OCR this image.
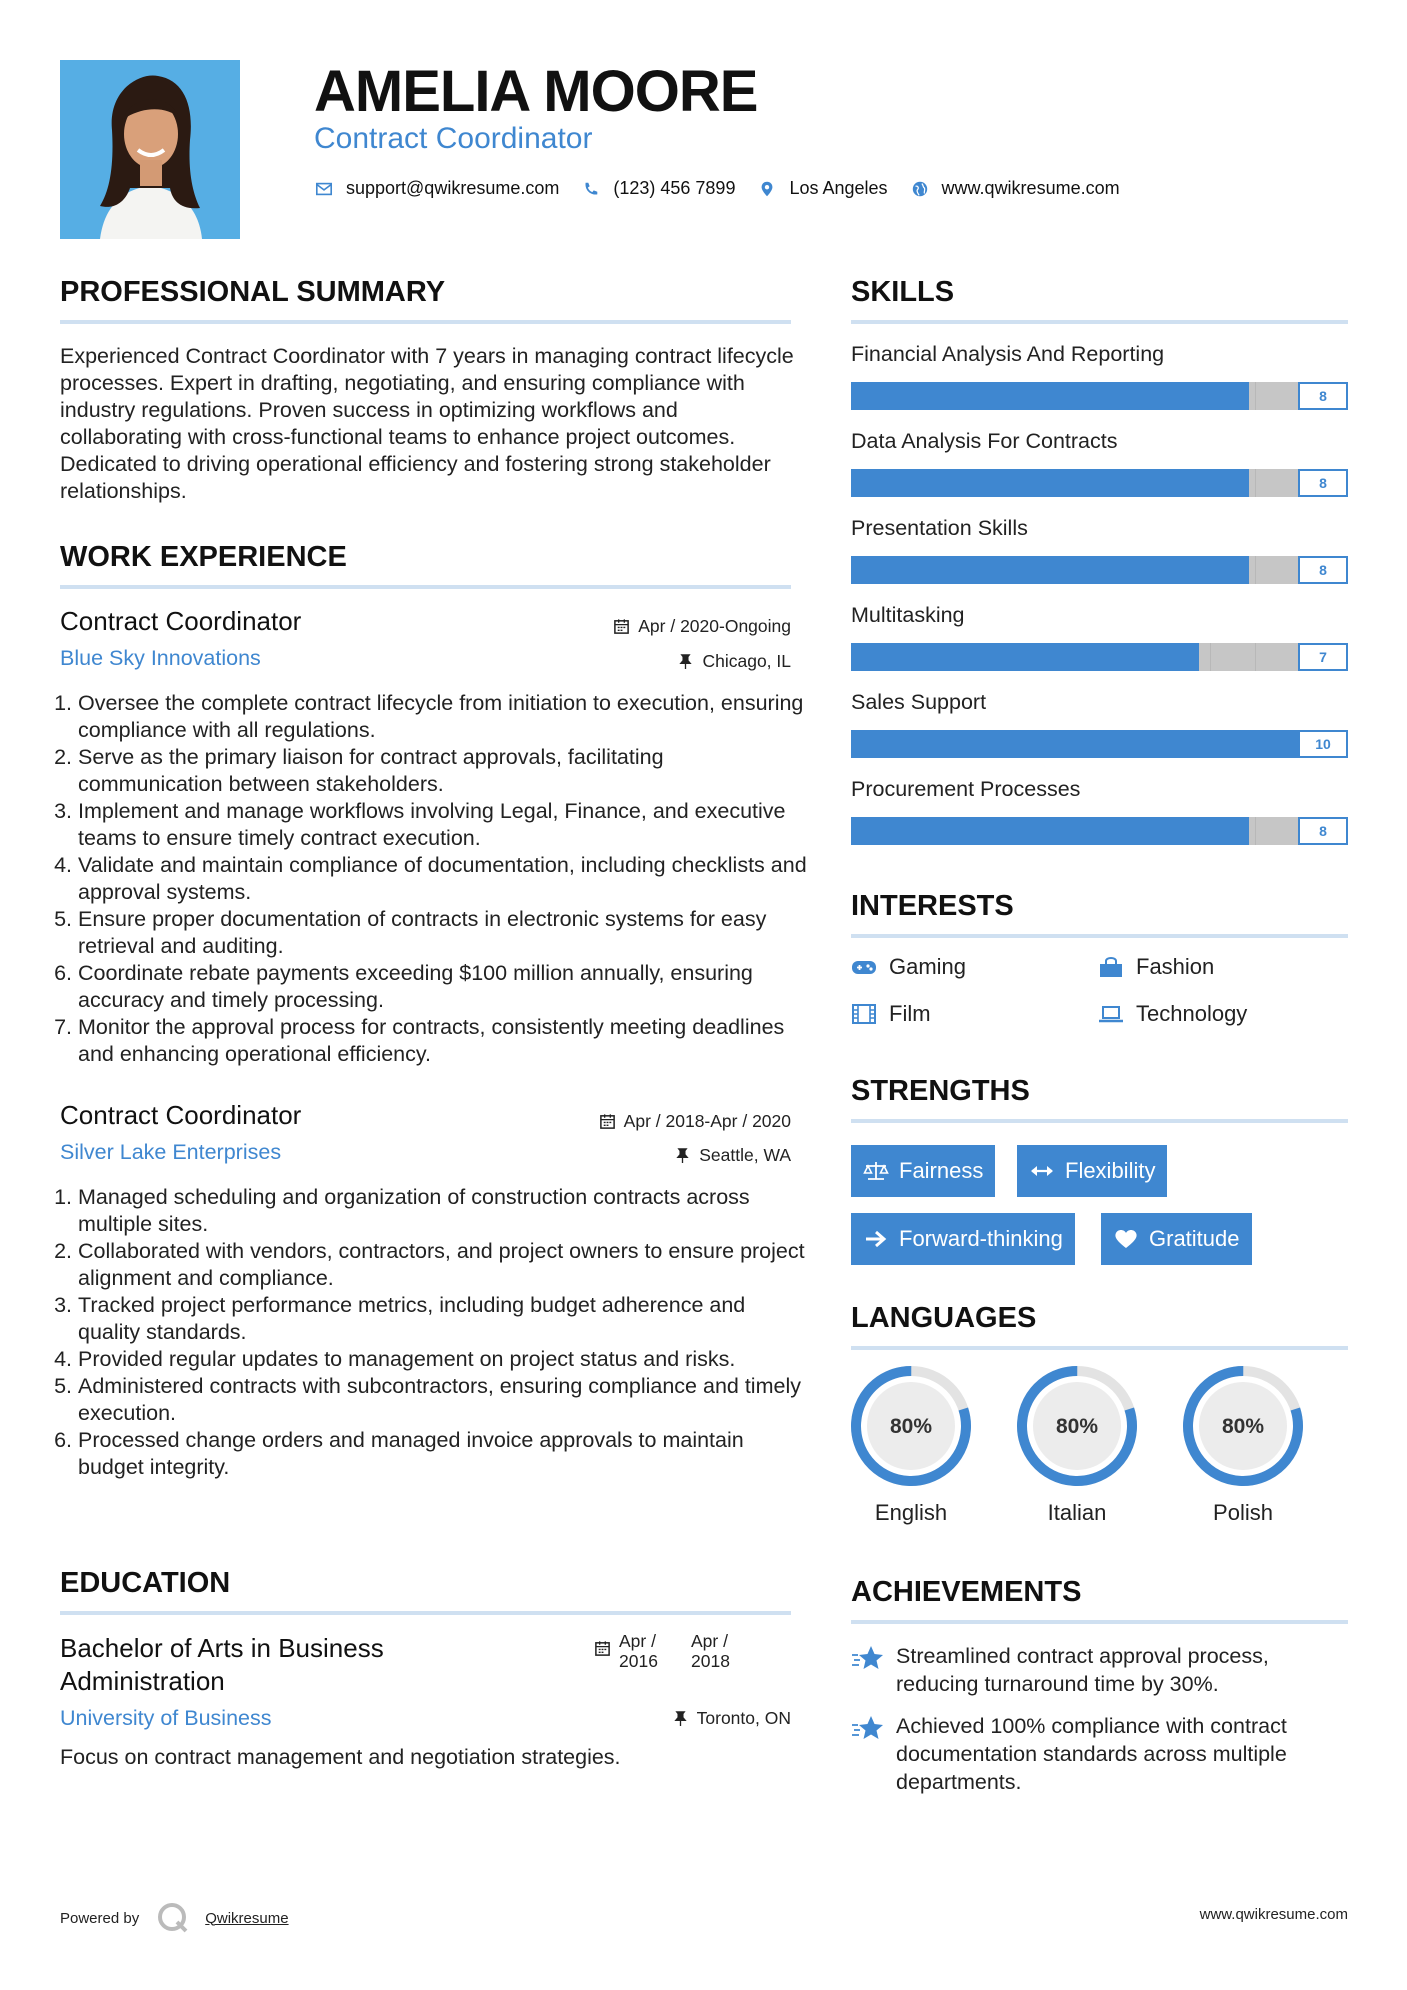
AMELIA MOORE
Contract Coordinator
support@qwikresume.com	(123) 456 7899	Los Angeles	www.qwikresume.com
PROFESSIONAL SUMMARY
Experienced Contract Coordinator with 7 years in managing contract lifecycle processes. Expert in drafting, negotiating, and ensuring compliance with industry regulations. Proven success in optimizing workflows and collaborating with cross-functional teams to enhance project outcomes. Dedicated to driving operational efficiency and fostering strong stakeholder relationships.
WORK EXPERIENCE
Contract Coordinator	Apr / 2020-Ongoing
Blue Sky Innovations	Chicago, IL
1. Oversee the complete contract lifecycle from initiation to execution, ensuring compliance with all regulations.
2. Serve as the primary liaison for contract approvals, facilitating communication between stakeholders.
3. Implement and manage workflows involving Legal, Finance, and executive teams to ensure timely contract execution.
4. Validate and maintain compliance of documentation, including checklists and approval systems.
5. Ensure proper documentation of contracts in electronic systems for easy retrieval and auditing.
6. Coordinate rebate payments exceeding $100 million annually, ensuring accuracy and timely processing.
7. Monitor the approval process for contracts, consistently meeting deadlines and enhancing operational efficiency.
Contract Coordinator	Apr / 2018-Apr / 2020
Silver Lake Enterprises	Seattle, WA
1. Managed scheduling and organization of construction contracts across multiple sites.
2. Collaborated with vendors, contractors, and project owners to ensure project alignment and compliance.
3. Tracked project performance metrics, including budget adherence and quality standards.
4. Provided regular updates to management on project status and risks.
5. Administered contracts with subcontractors, ensuring compliance and timely execution.
6. Processed change orders and managed invoice approvals to maintain budget integrity.
EDUCATION
Bachelor of Arts in Business Administration
Apr / 2016
Apr / 2018
University of Business	Toronto, ON
Focus on contract management and negotiation strategies.
SKILLS
Financial Analysis And Reporting
8
Data Analysis For Contracts
8
Presentation Skills
8
Multitasking
7
Sales Support
10
Procurement Processes
8
INTERESTS
Gaming	Fashion
Film	Technology
STRENGTHS
Fairness	Flexibility
Forward-thinking	Gratitude
LANGUAGES
80%
English
80%
Italian
80%
Polish
ACHIEVEMENTS
Streamlined contract approval process, reducing turnaround time by 30%.
Achieved 100% compliance with contract documentation standards across multiple departments.
Powered by	Qwikresume	www.qwikresume.com
